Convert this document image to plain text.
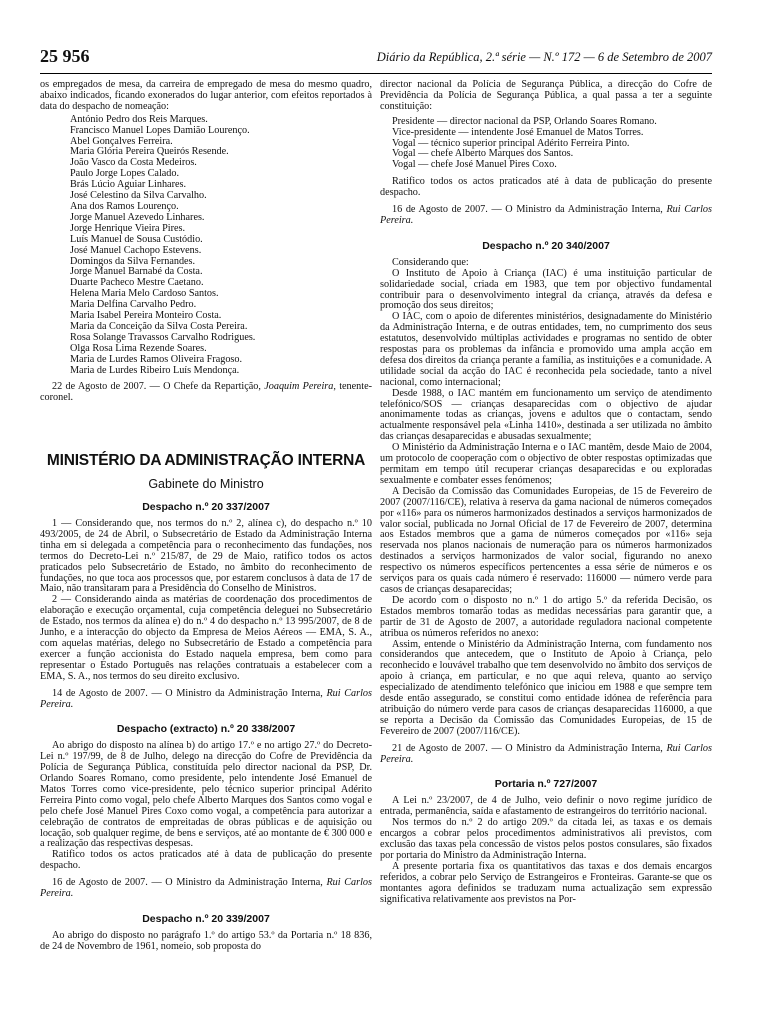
25 956	Diário da República, 2.ª série — N.º 172 — 6 de Setembro de 2007

os empregados de mesa, da carreira de empregado de mesa do mesmo quadro, abaixo indicados, ficando exonerados do lugar anterior, com efeitos reportados à data do despacho de nomeação:

António Pedro dos Reis Marques.
Francisco Manuel Lopes Damião Lourenço.
Abel Gonçalves Ferreira.
Maria Glória Pereira Queirós Resende.
João Vasco da Costa Medeiros.
Paulo Jorge Lopes Calado.
Brás Lúcio Aguiar Linhares.
José Celestino da Silva Carvalho.
Ana dos Ramos Lourenço.
Jorge Manuel Azevedo Linhares.
Jorge Henrique Vieira Pires.
Luís Manuel de Sousa Custódio.
José Manuel Cachopo Estevens.
Domingos da Silva Fernandes.
Jorge Manuel Barnabé da Costa.
Duarte Pacheco Mestre Caetano.
Helena Maria Melo Cardoso Santos.
Maria Delfina Carvalho Pedro.
Maria Isabel Pereira Monteiro Costa.
Maria da Conceição da Silva Costa Pereira.
Rosa Solange Travassos Carvalho Rodrigues.
Olga Rosa Lima Rezende Soares.
Maria de Lurdes Ramos Oliveira Fragoso.
Maria de Lurdes Ribeiro Luís Mendonça.

22 de Agosto de 2007. — O Chefe da Repartição, Joaquim Pereira, tenente-coronel.

MINISTÉRIO DA ADMINISTRAÇÃO INTERNA
Gabinete do Ministro
Despacho n.º 20 337/2007

1 — Considerando que, nos termos do n.º 2, alínea c), do despacho n.º 10 493/2005, de 24 de Abril, o Subsecretário de Estado da Administração Interna tinha em si delegada a competência para o reconhecimento das fundações, nos termos do Decreto-Lei n.º 215/87, de 29 de Maio, ratifico todos os actos praticados pelo Subsecretário de Estado, no âmbito do reconhecimento de fundações, no que toca aos processos que, por estarem conclusos à data de 17 de Maio, não transitaram para a Presidência do Conselho de Ministros.

2 — Considerando ainda as matérias de coordenação dos procedimentos de elaboração e execução orçamental, cuja competência deleguei no Subsecretário de Estado, nos termos da alínea e) do n.º 4 do despacho n.º 13 995/2007, de 8 de Junho, e a interacção do objecto da Empresa de Meios Aéreos — EMA, S. A., com aquelas matérias, delego no Subsecretário de Estado a competência para exercer a função accionista do Estado naquela empresa, bem como para representar o Estado Português nas relações contratuais a estabelecer com a EMA, S. A., nos termos do seu direito exclusivo.

14 de Agosto de 2007. — O Ministro da Administração Interna, Rui Carlos Pereira.

Despacho (extracto) n.º 20 338/2007

Ao abrigo do disposto na alínea b) do artigo 17.º e no artigo 27.º do Decreto-Lei n.º 197/99, de 8 de Julho, delego na direcção do Cofre de Previdência da Polícia de Segurança Pública, constituída pelo director nacional da PSP, Dr. Orlando Soares Romano, como presidente, pelo intendente José Emanuel de Matos Torres como vice-presidente, pelo técnico superior principal Adérito Ferreira Pinto como vogal, pelo chefe Alberto Marques dos Santos como vogal e pelo chefe José Manuel Pires Coxo como vogal, a competência para autorizar a celebração de contratos de empreitadas de obras públicas e de aquisição ou locação, sob qualquer regime, de bens e serviços, até ao montante de € 300 000 e a realização das respectivas despesas.

Ratifico todos os actos praticados até à data de publicação do presente despacho.

16 de Agosto de 2007. — O Ministro da Administração Interna, Rui Carlos Pereira.

Despacho n.º 20 339/2007

Ao abrigo do disposto no parágrafo 1.º do artigo 53.º da Portaria n.º 18 836, de 24 de Novembro de 1961, nomeio, sob proposta do

director nacional da Polícia de Segurança Pública, a direcção do Cofre de Previdência da Polícia de Segurança Pública, a qual passa a ter a seguinte constituição:

Presidente — director nacional da PSP, Orlando Soares Romano.
Vice-presidente — intendente José Emanuel de Matos Torres.
Vogal — técnico superior principal Adérito Ferreira Pinto.
Vogal — chefe Alberto Marques dos Santos.
Vogal — chefe José Manuel Pires Coxo.

Ratifico todos os actos praticados até à data de publicação do presente despacho.

16 de Agosto de 2007. — O Ministro da Administração Interna, Rui Carlos Pereira.

Despacho n.º 20 340/2007

Considerando que:

O Instituto de Apoio à Criança (IAC) é uma instituição particular de solidariedade social, criada em 1983, que tem por objectivo fundamental contribuir para o desenvolvimento integral da criança, através da defesa e promoção dos seus direitos;

O IAC, com o apoio de diferentes ministérios, designadamente do Ministério da Administração Interna, e de outras entidades, tem, no cumprimento dos seus estatutos, desenvolvido múltiplas actividades e programas no sentido de obter respostas para os problemas da infância e promovido uma ampla acção em defesa dos direitos da criança perante a família, as instituições e a comunidade. A utilidade social da acção do IAC é reconhecida pela sociedade, tanto a nível nacional, como internacional;

Desde 1988, o IAC mantém em funcionamento um serviço de atendimento telefónico/SOS — crianças desaparecidas com o objectivo de ajudar anonimamente todas as crianças, jovens e adultos que o contactam, sendo actualmente responsável pela «Linha 1410», destinada a ser utilizada no âmbito das crianças desaparecidas e abusadas sexualmente;

O Ministério da Administração Interna e o IAC mantêm, desde Maio de 2004, um protocolo de cooperação com o objectivo de obter respostas optimizadas que permitam em tempo útil recuperar crianças desaparecidas e ou exploradas sexualmente e combater esses fenómenos;

A Decisão da Comissão das Comunidades Europeias, de 15 de Fevereiro de 2007 (2007/116/CE), relativa à reserva da gama nacional de números começados por «116» para os números harmonizados destinados a serviços harmonizados de valor social, publicada no Jornal Oficial de 17 de Fevereiro de 2007, determina aos Estados membros que a gama de números começados por «116» seja reservada nos planos nacionais de numeração para os números harmonizados destinados a serviços harmonizados de valor social, figurando no anexo respectivo os números específicos pertencentes a essa série de números e os serviços para os quais cada número é reservado: 116000 — número verde para casos de crianças desaparecidas;

De acordo com o disposto no n.º 1 do artigo 5.º da referida Decisão, os Estados membros tomarão todas as medidas necessárias para garantir que, a partir de 31 de Agosto de 2007, a autoridade reguladora nacional competente atribua os números referidos no anexo:

Assim, entende o Ministério da Administração Interna, com fundamento nos considerandos que antecedem, que o Instituto de Apoio à Criança, pelo reconhecido e louvável trabalho que tem desenvolvido no âmbito dos serviços de apoio à criança, em particular, e no que aqui releva, quanto ao serviço especializado de atendimento telefónico que iniciou em 1988 e que sempre tem desde então assegurado, se constitui como entidade idónea de referência para atribuição do número verde para casos de crianças desaparecidas 116000, a que se reporta a Decisão da Comissão das Comunidades Europeias, de 15 de Fevereiro de 2007 (2007/116/CE).

21 de Agosto de 2007. — O Ministro da Administração Interna, Rui Carlos Pereira.

Portaria n.º 727/2007

A Lei n.º 23/2007, de 4 de Julho, veio definir o novo regime jurídico de entrada, permanência, saída e afastamento de estrangeiros do território nacional.

Nos termos do n.º 2 do artigo 209.º da citada lei, as taxas e os demais encargos a cobrar pelos procedimentos administrativos ali previstos, com exclusão das taxas pela concessão de vistos pelos postos consulares, são fixados por portaria do Ministro da Administração Interna.

A presente portaria fixa os quantitativos das taxas e dos demais encargos referidos, a cobrar pelo Serviço de Estrangeiros e Fronteiras. Garante-se que os montantes agora definidos se traduzam numa actualização sem expressão significativa relativamente aos previstos na Por-
